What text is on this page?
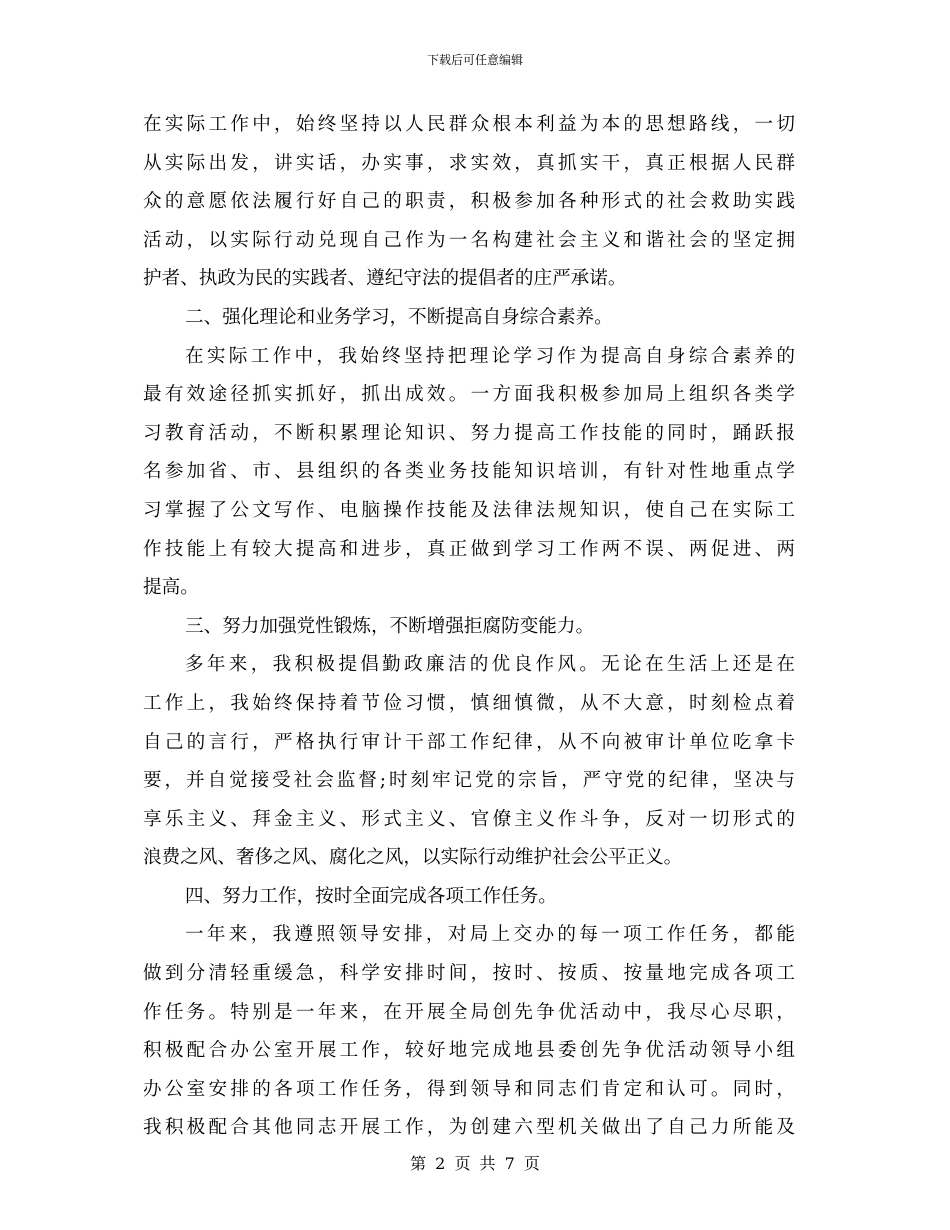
下载后可任意编辑
在实际工作中，始终坚持以人民群众根本利益为本的思想路线，一切
从实际出发，讲实话，办实事，求实效，真抓实干，真正根据人民群
众的意愿依法履行好自己的职责，积极参加各种形式的社会救助实践
活动，以实际行动兑现自己作为一名构建社会主义和谐社会的坚定拥
护者、执政为民的实践者、遵纪守法的提倡者的庄严承诺。
二、强化理论和业务学习，不断提高自身综合素养。
在实际工作中，我始终坚持把理论学习作为提高自身综合素养的
最有效途径抓实抓好，抓出成效。一方面我积极参加局上组织各类学
习教育活动，不断积累理论知识、努力提高工作技能的同时，踊跃报
名参加省、市、县组织的各类业务技能知识培训，有针对性地重点学
习掌握了公文写作、电脑操作技能及法律法规知识，使自己在实际工
作技能上有较大提高和进步，真正做到学习工作两不误、两促进、两
提高。
三、努力加强党性锻炼，不断增强拒腐防变能力。
多年来，我积极提倡勤政廉洁的优良作风。无论在生活上还是在
工作上，我始终保持着节俭习惯，慎细慎微，从不大意，时刻检点着
自己的言行，严格执行审计干部工作纪律，从不向被审计单位吃拿卡
要，并自觉接受社会监督;时刻牢记党的宗旨，严守党的纪律，坚决与
享乐主义、拜金主义、形式主义、官僚主义作斗争，反对一切形式的
浪费之风、奢侈之风、腐化之风，以实际行动维护社会公平正义。
四、努力工作，按时全面完成各项工作任务。
一年来，我遵照领导安排，对局上交办的每一项工作任务，都能
做到分清轻重缓急，科学安排时间，按时、按质、按量地完成各项工
作任务。特别是一年来，在开展全局创先争优活动中，我尽心尽职，
积极配合办公室开展工作，较好地完成地县委创先争优活动领导小组
办公室安排的各项工作任务，得到领导和同志们肯定和认可。同时，
我积极配合其他同志开展工作，为创建六型机关做出了自己力所能及
第 2 页 共 7 页
